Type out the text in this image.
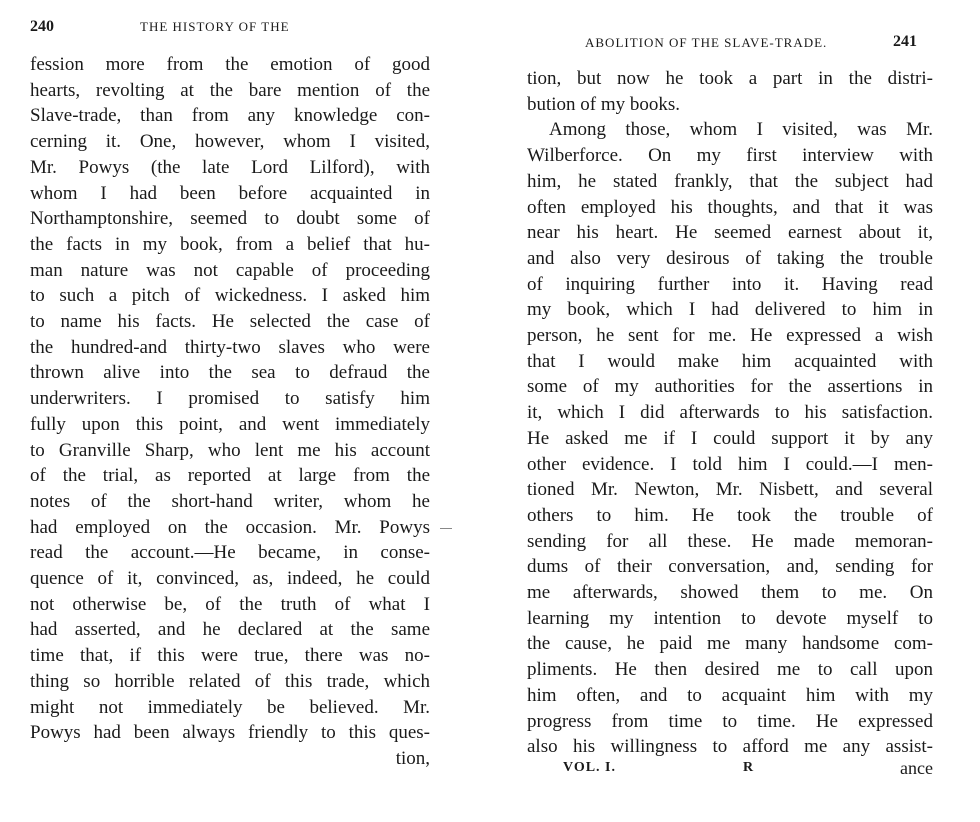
240	THE HISTORY OF THE
fession more from the emotion of good
hearts, revolting at the bare mention of the
Slave-trade, than from any knowledge con-
cerning it. One, however, whom I visited,
Mr. Powys (the late Lord Lilford), with
whom I had been before acquainted in
Northamptonshire, seemed to doubt some of
the facts in my book, from a belief that hu-
man nature was not capable of proceeding
to such a pitch of wickedness. I asked him
to name his facts. He selected the case of
the hundred-and thirty-two slaves who were
thrown alive into the sea to defraud the
underwriters. I promised to satisfy him
fully upon this point, and went immediately
to Granville Sharp, who lent me his account
of the trial, as reported at large from the
notes of the short-hand writer, whom he
had employed on the occasion. Mr. Powys
read the account.—He became, in conse-
quence of it, convinced, as, indeed, he could
not otherwise be, of the truth of what I
had asserted, and he declared at the same
time that, if this were true, there was no-
thing so horrible related of this trade, which
might not immediately be believed. Mr.
Powys had been always friendly to this ques-
tion,
ABOLITION OF THE SLAVE-TRADE.	241
tion, but now he took a part in the distri-
bution of my books.
Among those, whom I visited, was Mr.
Wilberforce. On my first interview with
him, he stated frankly, that the subject had
often employed his thoughts, and that it was
near his heart. He seemed earnest about it,
and also very desirous of taking the trouble
of inquiring further into it. Having read
my book, which I had delivered to him in
person, he sent for me. He expressed a wish
that I would make him acquainted with
some of my authorities for the assertions in
it, which I did afterwards to his satisfaction.
He asked me if I could support it by any
other evidence. I told him I could.—I men-
tioned Mr. Newton, Mr. Nisbett, and several
others to him. He took the trouble of
sending for all these. He made memoran-
dums of their conversation, and, sending for
me afterwards, showed them to me. On
learning my intention to devote myself to
the cause, he paid me many handsome com-
pliments. He then desired me to call upon
him often, and to acquaint him with my
progress from time to time. He expressed
also his willingness to afford me any assist-
VOL. I.	R	ance
